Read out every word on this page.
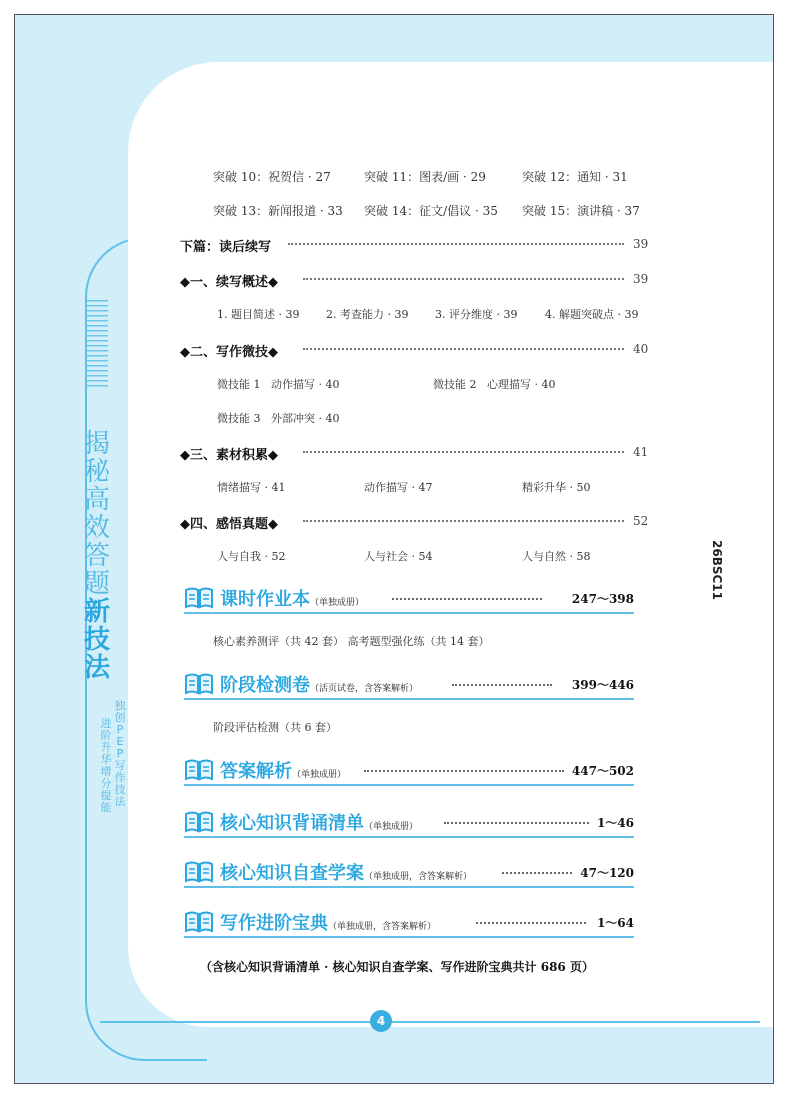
揭
秘
高
效
答
题
新
技
法
独
创
P
E
P
写
作
技
法
进
阶
升
华
增
分
提
能
4
26BSC11
突破 10：祝贺信 · 27	突破 11：图表/画 · 29	突破 12：通知 · 31
突破 13：新闻报道 · 33 突破 14：征文/倡议 · 35 突破 15：演讲稿 · 37
下篇：读后续写	39
◆一、续写概述◆	39
1. 题目简述 · 39 2. 考查能力 · 39 3. 评分维度 · 39	4. 解题突破点 · 39
◆二、写作微技◆	40
微技能 1   动作描写 · 40	微技能 2   心理描写 · 40
微技能 3   外部冲突 · 40
◆三、素材积累◆	41
情绪描写 · 41	动作描写 · 47	精彩升华 · 50
◆四、感悟真题◆	52
人与自我 · 52	人与社会 · 54	人与自然 · 58
课时作业本（单独成册）	247～398
核心素养测评（共 42 套） 高考题型强化练（共 14 套）
阶段检测卷（活页试卷，含答案解析）	399～446
阶段评估检测（共 6 套）
答案解析（单独成册）	447～502
核心知识背诵清单（单独成册）	1～46
核心知识自查学案（单独成册，含答案解析）	47～120
写作进阶宝典（单独成册，含答案解析）	1～64
（含核心知识背诵清单 · 核心知识自查学案、写作进阶宝典共计 686 页）
